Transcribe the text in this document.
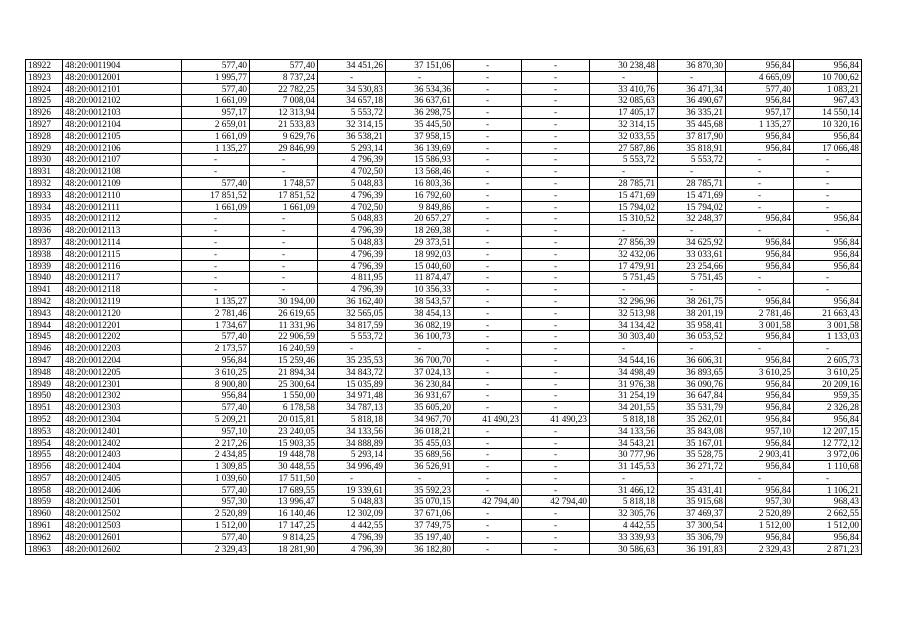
18922	48:20:0011904	577,40	577,40	34 451,26	37 151,06	-	-	30 238,48	36 870,30	956,84	956,84
18923	48:20:0012001	1 995,77	8 737,24	-	-	-	-	-	-	4 665,09	10 700,62
18924	48:20:0012101	577,40	22 782,25	34 530,83	36 534,36	-	-	33 410,76	36 471,34	577,40	1 083,21
18925	48:20:0012102	1 661,09	7 008,04	34 657,18	36 637,61	-	-	32 085,63	36 490,67	956,84	967,43
18926	48:20:0012103	957,17	12 313,94	5 553,72	36 298,75	-	-	17 405,17	36 335,21	957,17	14 550,14
18927	48:20:0012104	2 659,01	21 533,83	32 314,15	35 445,50	-	-	32 314,15	35 445,68	1 135,27	10 320,16
18928	48:20:0012105	1 661,09	9 629,76	36 538,21	37 958,15	-	-	32 033,55	37 817,90	956,84	956,84
18929	48:20:0012106	1 135,27	29 846,99	5 293,14	36 139,69	-	-	27 587,86	35 818,91	956,84	17 066,48
18930	48:20:0012107	-	-	4 796,39	15 586,93	-	-	5 553,72	5 553,72	-	-
18931	48:20:0012108	-	-	4 702,50	13 568,46	-	-	-	-	-	-
18932	48:20:0012109	577,40	1 748,57	5 048,83	16 803,36	-	-	28 785,71	28 785,71	-	-
18933	48:20:0012110	17 851,52	17 851,52	4 796,39	16 792,60	-	-	15 471,69	15 471,69	-	-
18934	48:20:0012111	1 661,09	1 661,09	4 702,50	9 849,86	-	-	15 794,02	15 794,02	-	-
18935	48:20:0012112	-	-	5 048,83	20 657,27	-	-	15 310,52	32 248,37	956,84	956,84
18936	48:20:0012113	-	-	4 796,39	18 269,38	-	-	-	-	-	-
18937	48:20:0012114	-	-	5 048,83	29 373,51	-	-	27 856,39	34 625,92	956,84	956,84
18938	48:20:0012115	-	-	4 796,39	18 992,03	-	-	32 432,06	33 033,61	956,84	956,84
18939	48:20:0012116	-	-	4 796,39	15 040,60	-	-	17 479,91	23 254,66	956,84	956,84
18940	48:20:0012117	-	-	4 811,95	11 874,47	-	-	5 751,45	5 751,45	-	-
18941	48:20:0012118	-	-	4 796,39	10 356,33	-	-	-	-	-	-
18942	48:20:0012119	1 135,27	30 194,00	36 162,40	38 543,57	-	-	32 296,96	38 261,75	956,84	956,84
18943	48:20:0012120	2 781,46	26 619,65	32 565,05	38 454,13	-	-	32 513,98	38 201,19	2 781,46	21 663,43
18944	48:20:0012201	1 734,67	11 331,96	34 817,59	36 082,19	-	-	34 134,42	35 958,41	3 001,58	3 001,58
18945	48:20:0012202	577,40	22 906,59	5 553,72	36 100,73	-	-	30 303,40	36 053,52	956,84	1 133,03
18946	48:20:0012203	2 173,57	16 240,59	-	-	-	-	-	-	-	-
18947	48:20:0012204	956,84	15 259,46	35 235,53	36 700,70	-	-	34 544,16	36 606,31	956,84	2 605,73
18948	48:20:0012205	3 610,25	21 894,34	34 843,72	37 024,13	-	-	34 498,49	36 893,65	3 610,25	3 610,25
18949	48:20:0012301	8 900,80	25 300,64	15 035,89	36 230,84	-	-	31 976,38	36 090,76	956,84	20 209,16
18950	48:20:0012302	956,84	1 550,00	34 971,48	36 931,67	-	-	31 254,19	36 647,84	956,84	959,35
18951	48:20:0012303	577,40	6 178,58	34 787,13	35 605,20	-	-	34 201,55	35 531,79	956,84	2 326,28
18952	48:20:0012304	5 209,21	20 015,81	5 818,18	34 967,70	41 490,23	41 490,23	5 818,18	35 262,01	956,84	956,84
18953	48:20:0012401	957,10	23 240,05	34 133,56	36 018,21	-	-	34 133,56	35 843,08	957,10	12 207,15
18954	48:20:0012402	2 217,26	15 903,35	34 888,89	35 455,03	-	-	34 543,21	35 167,01	956,84	12 772,12
18955	48:20:0012403	2 434,85	19 448,78	5 293,14	35 689,56	-	-	30 777,96	35 528,75	2 903,41	3 972,06
18956	48:20:0012404	1 309,85	30 448,55	34 996,49	36 526,91	-	-	31 145,53	36 271,72	956,84	1 110,68
18957	48:20:0012405	1 039,60	17 511,50	-	-	-	-	-	-	-	-
18958	48:20:0012406	577,40	17 689,55	19 339,61	35 592,23	-	-	31 466,12	35 431,41	956,84	1 106,21
18959	48:20:0012501	957,30	13 996,47	5 048,83	35 070,15	42 794,40	42 794,40	5 818,18	35 915,68	957,30	968,43
18960	48:20:0012502	2 520,89	16 140,46	12 302,09	37 671,06	-	-	32 305,76	37 469,37	2 520,89	2 662,55
18961	48:20:0012503	1 512,00	17 147,25	4 442,55	37 749,75	-	-	4 442,55	37 300,54	1 512,00	1 512,00
18962	48:20:0012601	577,40	9 814,25	4 796,39	35 197,40	-	-	33 339,93	35 306,79	956,84	956,84
18963	48:20:0012602	2 329,43	18 281,90	4 796,39	36 182,80	-	-	30 586,63	36 191,83	2 329,43	2 871,23
